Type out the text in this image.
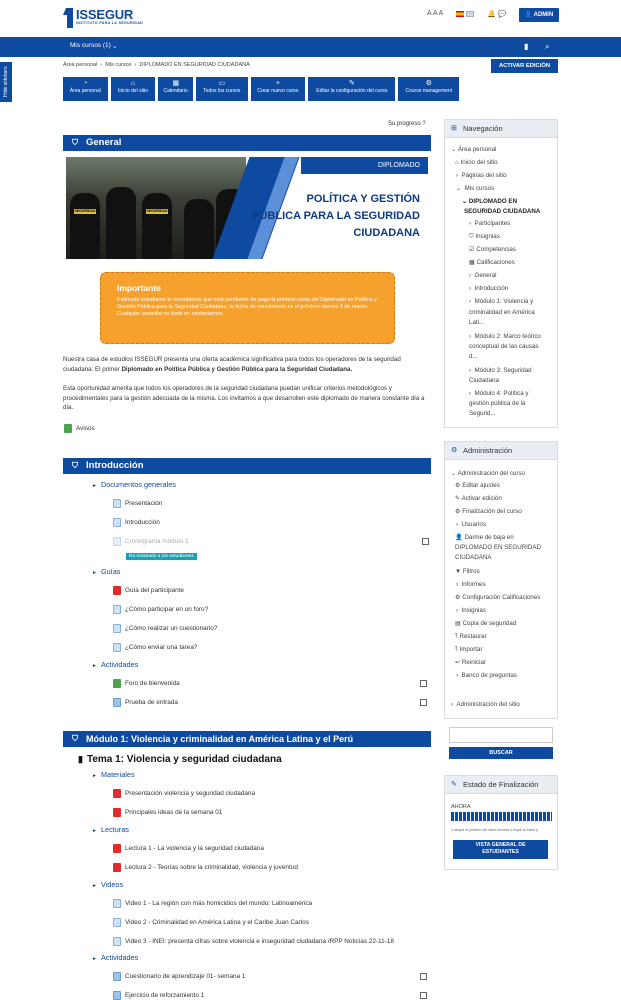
ISSEGUR
INSTITUTO PARA LA SEGURIDAD
A A A	🔔 💬	👤 ADMIN
Mis cursos (1) ⌄	▮ ⌕
Hide sidebars
Área personal  ›  Mis cursos  ›  DIPLOMADO EN SEGURIDAD CIUDADANA	ACTIVAR EDICIÓN
◔
Área personal
⌂
Inicio del sitio
▦
Calendario
▭
Todos los cursos
+
Crear nuevo curso
✎
Editar la configuración del curso
⚙
Course management
Su progreso ?
⛉ General
SEGURIDAD	SEGURIDAD
DIPLOMADO
POLÍTICA Y GESTIÓN
PÚBLICA PARA LA SEGURIDAD
CIUDADANA
Importante

Estimado estudiante le recordamos que está pendiente de pago la primera cuota del Diplomado en Política y Gestión Pública para la Seguridad Ciudadana, la fecha de vencimiento es el próximo viernes 6 de marzo. Cualquier consulta no dude en contactarnos.

Nuestra casa de estudios ISSEGUR presenta una oferta académica significativa para todos los operadores de la seguridad ciudadana: El primer Diplomado en Política Pública y Gestión Pública para la Seguridad Ciudadana.
Esta oportunidad amerita que todos los operadores de la seguridad ciudadana puedan unificar criterios metodológicos y procedimentales para la gestión adecuada de la misma. Los invitamos a que desarrollen este diplomado de manera constante día a día.
Avisos
⛉ Introducción
► Documentos generales
Presentación
Introducción
Cronograma módulo 1
No mostrado a los estudiantes
► Guías
Guía del participante
¿Cómo participar en un foro?
¿Cómo realizar un cuestionario?
¿Cómo enviar una tarea?
► Actividades
Foro de bienvenida
Prueba de entrada
⛉ Módulo 1: Violencia y criminalidad en América Latina y el Perú
▮ Tema 1: Violencia y seguridad ciudadana
► Materiales
Presentación violencia y seguridad ciudadana
Principales ideas de la semana 01
► Lecturas
Lectura 1 - La violencia y la seguridad ciudadana
Lectura 2 - Teorías sobre la criminalidad, violencia y juventud
► Videos
Video 1 - La región con más homicidios del mundo: Latinoamérica
Video 2 - Criminalidad en América Latina y el Caribe Juan Carlos
Video 3 - INEI: presenta cifras sobre violencia e inseguridad ciudadana /RPP Noticias 22-11-18
► Actividades
Cuestionario de aprendizaje 01- semana 1
Ejercicio de reforzamiento 1
⊞ Navegación
⌄ Área personal
⌂ Inicio del sitio
›  Páginas del sitio
⌄  Mis cursos
⌄ DIPLOMADO EN
SEGURIDAD CIUDADANA
›  Participantes
⛉ Insignias
☑ Competencias
▦ Calificaciones
›  General
›  Introducción
›  Módulo 1: Violencia y
criminalidad en América
Lati...
›  Módulo 2: Marco teórico
conceptual de las causas
d...
›  Módulo 3: Seguridad
Ciudadana
›  Módulo 4: Política y
gestión pública de la
Segurid...
⚙ Administración
⌄ Administración del curso
⚙ Editar ajustes
✎ Activar edición
⚙ Finalización del curso
›  Usuarios
👤 Darme de baja en
DIPLOMADO EN SEGURIDAD
CIUDADANA
▼ Filtros
›  Informes
⚙ Configuración Calificaciones
›  Insignias
▤ Copia de seguridad
⤒ Restaurar
⤒ Importar
↩ Reiniciar
›  Banco de preguntas
›  Administración del sitio
BUSCAR
✎ Estado de Finalización
AHORA
Coloque el puntero del ratón encima o toque la barra p
VISTA GENERAL DE
ESTUDIANTES
